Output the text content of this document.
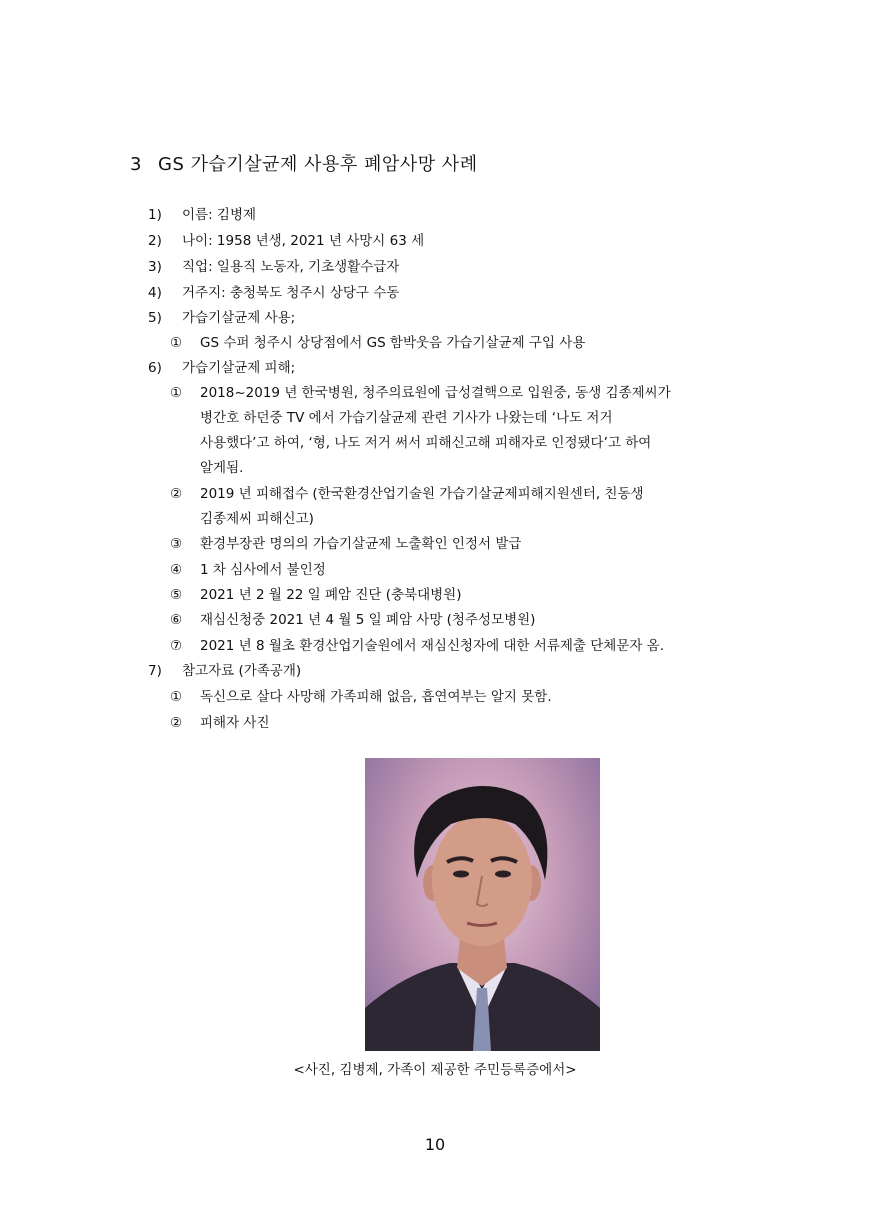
3 GS 가습기살균제 사용후 폐암사망 사례
1) 이름: 김병제
2) 나이: 1958 년생, 2021 년 사망시 63 세
3) 직업: 일용직 노동자, 기초생활수급자
4) 거주지: 충청북도 청주시 상당구 수동
5) 가습기살균제 사용;
① GS 수퍼 청주시 상당점에서 GS 함박웃음 가습기살균제 구입 사용
6) 가습기살균제 피해;
① 2018~2019 년 한국병원, 청주의료원에 급성결핵으로 입원중, 동생 김종제씨가
병간호 하던중 TV 에서 가습기살균제 관련 기사가 나왔는데 ‘나도 저거
사용했다’고 하여, ‘형, 나도 저거 써서 피해신고해 피해자로 인정됐다’고 하여
알게됨.
② 2019 년 피해접수 (한국환경산업기술원 가습기살균제피해지원센터, 친동생
김종제씨 피해신고)
③ 환경부장관 명의의 가습기살균제 노출확인 인정서 발급
④ 1 차 심사에서 불인정
⑤ 2021 년 2 월 22 일 폐암 진단 (충북대병원)
⑥ 재심신청중 2021 년 4 월 5 일 폐암 사망 (청주성모병원)
⑦ 2021 년 8 월초 환경산업기술원에서 재심신청자에 대한 서류제출 단체문자 옴.
7) 참고자료 (가족공개)
① 독신으로 살다 사망해 가족피해 없음, 흡연여부는 알지 못함.
② 피해자 사진
<사진, 김병제, 가족이 제공한 주민등록증에서>
10
